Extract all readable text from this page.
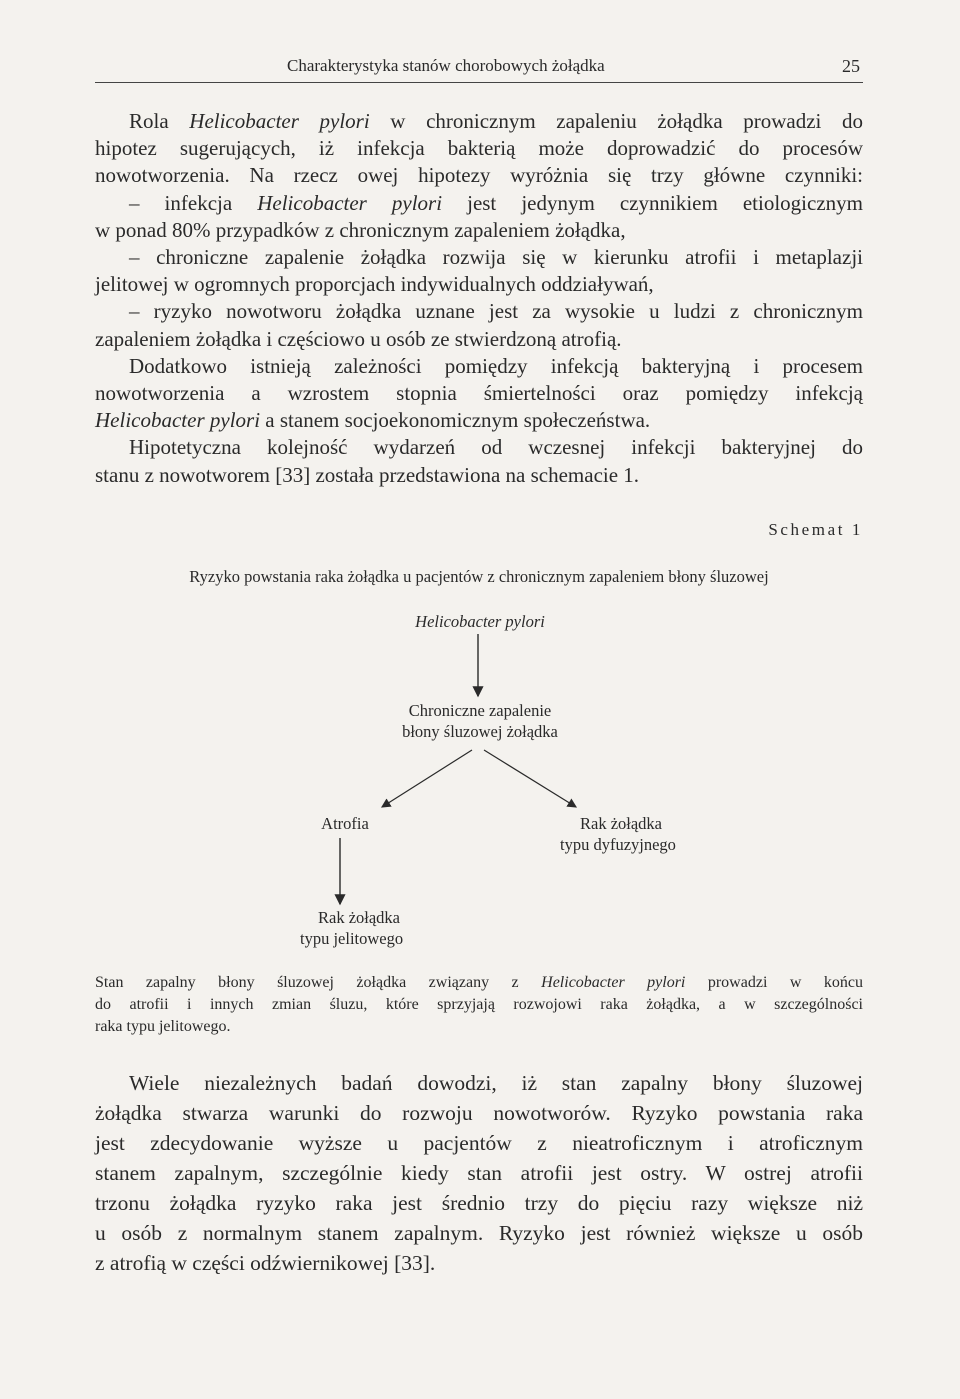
Charakterystyka stanów chorobowych żołądka	25

Rola Helicobacter pylori w chronicznym zapaleniu żołądka prowadzi do

hipotez sugerujących, iż infekcja bakterią może doprowadzić do procesów

nowotworzenia. Na rzecz owej hipotezy wyróżnia się trzy główne czynniki:

– infekcja Helicobacter pylori jest jedynym czynnikiem etiologicznym

w ponad 80% przypadków z chronicznym zapaleniem żołądka,

– chroniczne zapalenie żołądka rozwija się w kierunku atrofii i metaplazji

jelitowej w ogromnych proporcjach indywidualnych oddziaływań,

– ryzyko nowotworu żołądka uznane jest za wysokie u ludzi z chronicznym

zapaleniem żołądka i częściowo u osób ze stwierdzoną atrofią.

Dodatkowo istnieją zależności pomiędzy infekcją bakteryjną i procesem

nowotworzenia a wzrostem stopnia śmiertelności oraz pomiędzy infekcją

Helicobacter pylori a stanem socjoekonomicznym społeczeństwa.

Hipotetyczna kolejność wydarzeń od wczesnej infekcji bakteryjnej do

stanu z nowotworem [33] została przedstawiona na schemacie 1.

Schemat 1
Ryzyko powstania raka żołądka u pacjentów z chronicznym zapaleniem błony śluzowej
Helicobacter pylori
Chroniczne zapalenie
błony śluzowej żołądka
Atrofia	Rak żołądka
typu dyfuzyjnego
Rak żołądka
typu jelitowego

Stan zapalny błony śluzowej żołądka związany z Helicobacter pylori prowadzi w końcu

do atrofii i innych zmian śluzu, które sprzyjają rozwojowi raka żołądka, a w szczególności

raka typu jelitowego.

Wiele niezależnych badań dowodzi, iż stan zapalny błony śluzowej

żołądka stwarza warunki do rozwoju nowotworów. Ryzyko powstania raka

jest zdecydowanie wyższe u pacjentów z nieatroficznym i atroficznym

stanem zapalnym, szczególnie kiedy stan atrofii jest ostry. W ostrej atrofii

trzonu żołądka ryzyko raka jest średnio trzy do pięciu razy większe niż

u osób z normalnym stanem zapalnym. Ryzyko jest również większe u osób

z atrofią w części odźwiernikowej [33].
